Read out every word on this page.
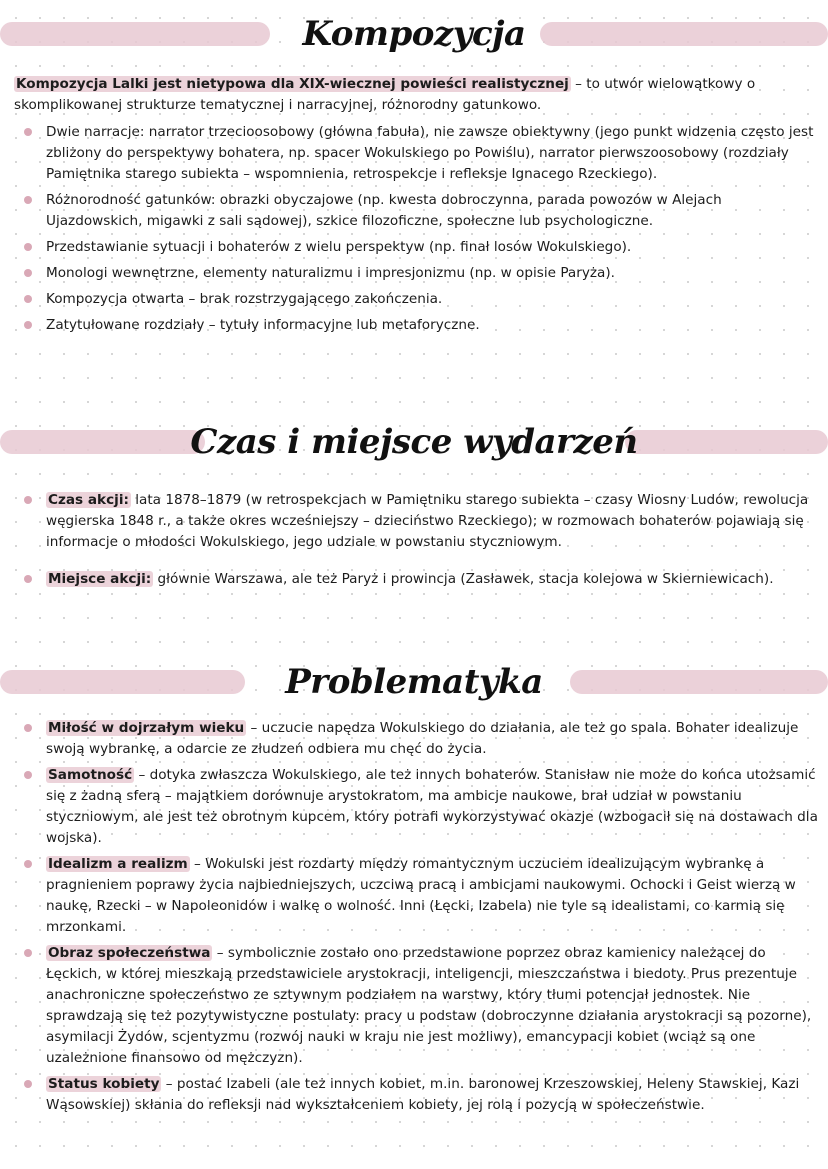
Kompozycja
Kompozycja Lalki jest nietypowa dla XIX-wiecznej powieści realistycznej – to utwór wielowątkowy o skomplikowanej strukturze tematycznej i narracyjnej, różnorodny gatunkowo.
Dwie narracje: narrator trzecioosobowy (główna fabuła), nie zawsze obiektywny (jego punkt widzenia często jest zbliżony do perspektywy bohatera, np. spacer Wokulskiego po Powiślu), narrator pierwszoosobowy (rozdziały Pamiętnika starego subiekta – wspomnienia, retrospekcje i refleksje Ignacego Rzeckiego).
Różnorodność gatunków: obrazki obyczajowe (np. kwesta dobroczynna, parada powozów w Alejach Ujazdowskich, migawki z sali sądowej), szkice filozoficzne, społeczne lub psychologiczne.
Przedstawianie sytuacji i bohaterów z wielu perspektyw (np. finał losów Wokulskiego).
Monologi wewnętrzne, elementy naturalizmu i impresjonizmu (np. w opisie Paryża).
Kompozycja otwarta – brak rozstrzygającego zakończenia.
Zatytułowane rozdziały – tytuły informacyjne lub metaforyczne.
Czas i miejsce wydarzeń
Czas akcji: lata 1878–1879 (w retrospekcjach w Pamiętniku starego subiekta – czasy Wiosny Ludów, rewolucja węgierska 1848 r., a także okres wcześniejszy – dzieciństwo Rzeckiego); w rozmowach bohaterów pojawiają się informacje o młodości Wokulskiego, jego udziale w powstaniu styczniowym.
Miejsce akcji: głównie Warszawa, ale też Paryż i prowincja (Zasławek, stacja kolejowa w Skierniewicach).
Problematyka
Miłość w dojrzałym wieku – uczucie napędza Wokulskiego do działania, ale też go spala. Bohater idealizuje swoją wybrankę, a odarcie ze złudzeń odbiera mu chęć do życia.
Samotność – dotyka zwłaszcza Wokulskiego, ale też innych bohaterów. Stanisław nie może do końca utożsamić się z żadną sferą – majątkiem dorównuje arystokratom, ma ambicje naukowe, brał udział w powstaniu styczniowym, ale jest też obrotnym kupcem, który potrafi wykorzystywać okazje (wzbogacił się na dostawach dla wojska).
Idealizm a realizm – Wokulski jest rozdarty między romantycznym uczuciem idealizującym wybrankę a pragnieniem poprawy życia najbiedniejszych, uczciwą pracą i ambicjami naukowymi. Ochocki i Geist wierzą w naukę, Rzecki – w Napoleonidów i walkę o wolność. Inni (Łęcki, Izabela) nie tyle są idealistami, co karmią się mrzonkami.
Obraz społeczeństwa – symbolicznie zostało ono przedstawione poprzez obraz kamienicy należącej do Łęckich, w której mieszkają przedstawiciele arystokracji, inteligencji, mieszczaństwa i biedoty. Prus prezentuje anachroniczne społeczeństwo ze sztywnym podziałem na warstwy, który tłumi potencjał jednostek. Nie sprawdzają się też pozytywistyczne postulaty: pracy u podstaw (dobroczynne działania arystokracji są pozorne), asymilacji Żydów, scjentyzmu (rozwój nauki w kraju nie jest możliwy), emancypacji kobiet (wciąż są one uzależnione finansowo od mężczyzn).
Status kobiety – postać Izabeli (ale też innych kobiet, m.in. baronowej Krzeszowskiej, Heleny Stawskiej, Kazi Wąsowskiej) skłania do refleksji nad wykształceniem kobiety, jej rolą i pozycją w społeczeństwie.
